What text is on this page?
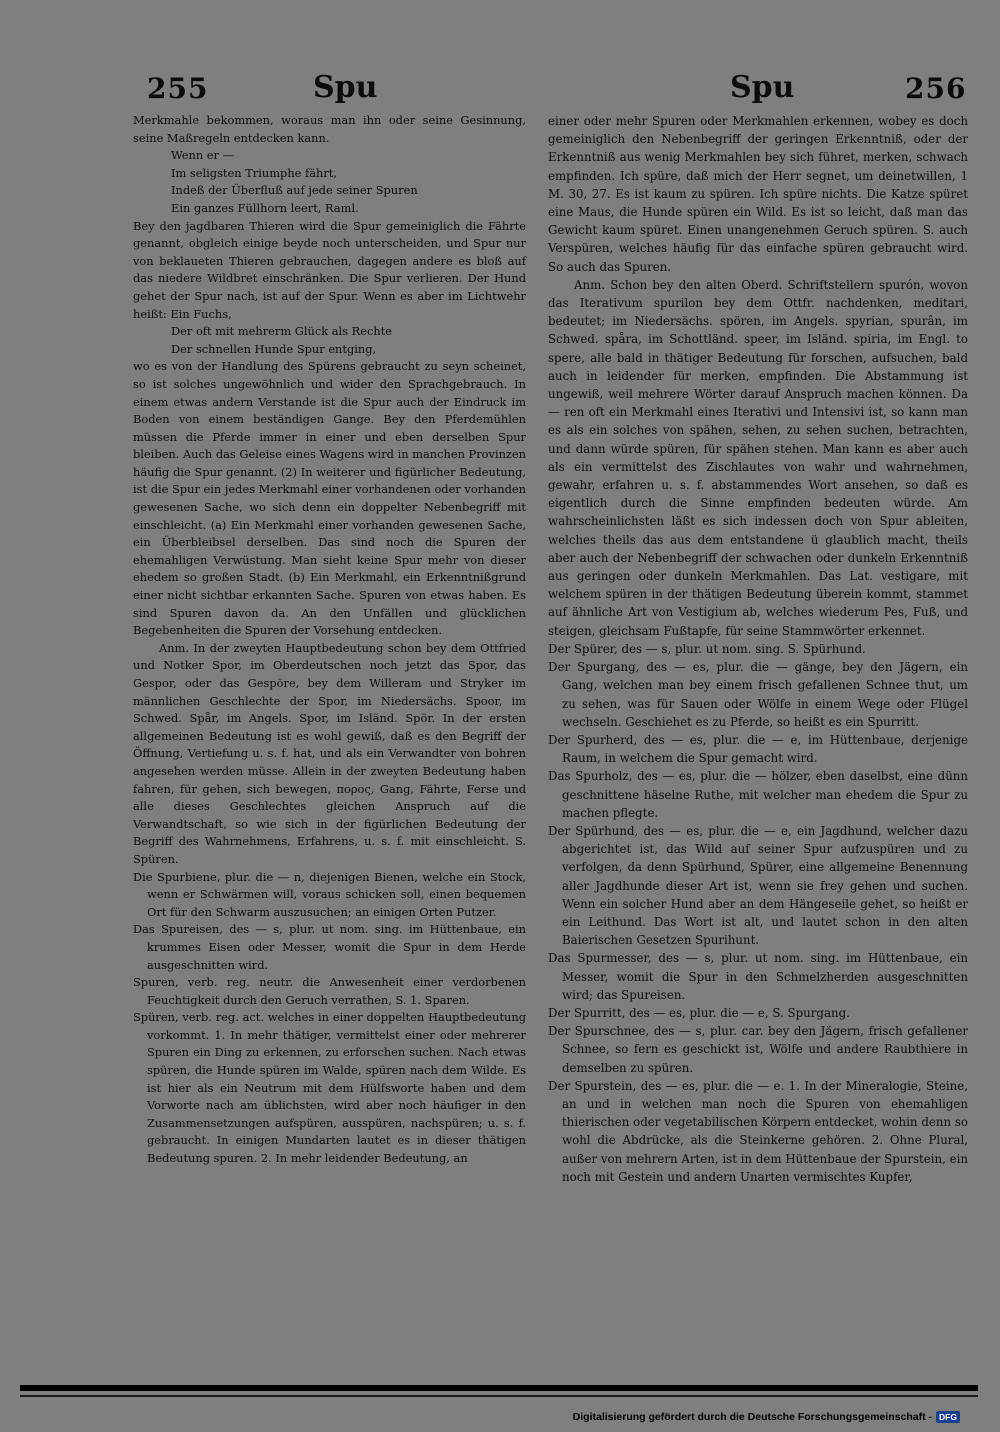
255	Spu	Spu	256

Merkmahle bekommen, woraus man ihn oder seine Gesinnung, seine Maßregeln entdecken kann.

Wenn er —

Im seligsten Triumphe fährt,

Indeß der Überfluß auf jede seiner Spuren

Ein ganzes Füllhorn leert, Raml.

Bey den jagdbaren Thieren wird die Spur gemeiniglich die Fährte genannt, obgleich einige beyde noch unterscheiden, und Spur nur von beklaueten Thieren gebrauchen, dagegen andere es bloß auf das niedere Wildbret einschränken. Die Spur verlieren. Der Hund gehet der Spur nach, ist auf der Spur. Wenn es aber im Lichtwehr heißt: Ein Fuchs,

Der oft mit mehrerm Glück als Rechte

Der schnellen Hunde Spur entging,

wo es von der Handlung des Spürens gebraucht zu seyn scheinet, so ist solches ungewöhnlich und wider den Sprachgebrauch. In einem etwas andern Verstande ist die Spur auch der Eindruck im Boden von einem beständigen Gange. Bey den Pferdemühlen müssen die Pferde immer in einer und eben derselben Spur bleiben. Auch das Geleise eines Wagens wird in manchen Provinzen häufig die Spur genannt. (2) In weiterer und figürlicher Bedeutung, ist die Spur ein jedes Merkmahl einer vorhandenen oder vorhanden gewesenen Sache, wo sich denn ein doppelter Nebenbegriff mit einschleicht. (a) Ein Merkmahl einer vorhanden gewesenen Sache, ein Überbleibsel derselben. Das sind noch die Spuren der ehemahligen Verwüstung. Man sieht keine Spur mehr von dieser ehedem so großen Stadt. (b) Ein Merkmahl, ein Erkenntnißgrund einer nicht sichtbar erkannten Sache. Spuren von etwas haben. Es sind Spuren davon da. An den Unfällen und glücklichen Begebenheiten die Spuren der Vorsehung entdecken.

Anm. In der zweyten Hauptbedeutung schon bey dem Ottfried und Notker Spor, im Oberdeutschen noch jetzt das Spor, das Gespor, oder das Gespöre, bey dem Willeram und Stryker im männlichen Geschlechte der Spor, im Niedersächs. Spoor, im Schwed. Spår, im Angels. Spor, im Isländ. Spör. In der ersten allgemeinen Bedeutung ist es wohl gewiß, daß es den Begriff der Öffnung, Vertiefung u. s. f. hat, und als ein Verwandter von bohren angesehen werden müsse. Allein in der zweyten Bedeutung haben fahren, für gehen, sich bewegen, πορος, Gang, Fährte, Ferse und alle dieses Geschlechtes gleichen Anspruch auf die Verwandtschaft, so wie sich in der figürlichen Bedeutung der Begriff des Wahrnehmens, Erfahrens, u. s. f. mit einschleicht. S. Spüren.

Die Spurbiene, plur. die — n, diejenigen Bienen, welche ein Stock, wenn er Schwärmen will, voraus schicken soll, einen bequemen Ort für den Schwarm auszusuchen; an einigen Orten Putzer.

Das Spureisen, des — s, plur. ut nom. sing. im Hüttenbaue, ein krummes Eisen oder Messer, womit die Spur in dem Herde ausgeschnitten wird.

Spuren, verb. reg. neutr. die Anwesenheit einer verdorbenen Feuchtigkeit durch den Geruch verrathen, S. 1. Sparen.

Spüren, verb. reg. act. welches in einer doppelten Hauptbedeutung vorkommt. 1. In mehr thätiger, vermittelst einer oder mehrerer Spuren ein Ding zu erkennen, zu erforschen suchen. Nach etwas spüren, die Hunde spüren im Walde, spüren nach dem Wilde. Es ist hier als ein Neutrum mit dem Hülfsworte haben und dem Vorworte nach am üblichsten, wird aber noch häufiger in den Zusammensetzungen aufspüren, ausspüren, nachspüren; u. s. f. gebraucht. In einigen Mundarten lautet es in dieser thätigen Bedeutung spuren. 2. In mehr leidender Bedeutung, an

einer oder mehr Spuren oder Merkmahlen erkennen, wobey es doch gemeiniglich den Nebenbegriff der geringen Erkenntniß, oder der Erkenntniß aus wenig Merkmahlen bey sich führet, merken, schwach empfinden. Ich spüre, daß mich der Herr segnet, um deinetwillen, 1 M. 30, 27. Es ist kaum zu spüren. Ich spüre nichts. Die Katze spüret eine Maus, die Hunde spüren ein Wild. Es ist so leicht, daß man das Gewicht kaum spüret. Einen unangenehmen Geruch spüren. S. auch Verspüren, welches häufig für das einfache spüren gebraucht wird. So auch das Spuren.

Anm. Schon bey den alten Oberd. Schriftstellern spurón, wovon das Iterativum spurilon bey dem Ottfr. nachdenken, meditari, bedeutet; im Niedersächs. spören, im Angels. spyrian, spurân, im Schwed. spåra, im Schottländ. speer, im Isländ. spiria, im Engl. to spere, alle bald in thätiger Bedeutung für forschen, aufsuchen, bald auch in leidender für merken, empfinden. Die Abstammung ist ungewiß, weil mehrere Wörter darauf Anspruch machen können. Da — ren oft ein Merkmahl eines Iterativi und Intensivi ist, so kann man es als ein solches von spähen, sehen, zu sehen suchen, betrachten, und dann würde spüren, für spähen stehen. Man kann es aber auch als ein vermittelst des Zischlautes von wahr und wahrnehmen, gewahr, erfahren u. s. f. abstammendes Wort ansehen, so daß es eigentlich durch die Sinne empfinden bedeuten würde. Am wahrscheinlichsten läßt es sich indessen doch von Spur ableiten, welches theils das aus dem entstandene ü glaublich macht, theils aber auch der Nebenbegriff der schwachen oder dunkeln Erkenntniß aus geringen oder dunkeln Merkmahlen. Das Lat. vestigare, mit welchem spüren in der thätigen Bedeutung überein kommt, stammet auf ähnliche Art von Vestigium ab, welches wiederum Pes, Fuß, und steigen, gleichsam Fußtapfe, für seine Stammwörter erkennet.

Der Spürer, des — s, plur. ut nom. sing. S. Spürhund.

Der Spurgang, des — es, plur. die — gänge, bey den Jägern, ein Gang, welchen man bey einem frisch gefallenen Schnee thut, um zu sehen, was für Sauen oder Wölfe in einem Wege oder Flügel wechseln. Geschiehet es zu Pferde, so heißt es ein Spurritt.

Der Spurherd, des — es, plur. die — e, im Hüttenbaue, derjenige Raum, in welchem die Spur gemacht wird.

Das Spurholz, des — es, plur. die — hölzer, eben daselbst, eine dünn geschnittene häselne Ruthe, mit welcher man ehedem die Spur zu machen pflegte.

Der Spürhund, des — es, plur. die — e, ein Jagdhund, welcher dazu abgerichtet ist, das Wild auf seiner Spur aufzuspüren und zu verfolgen, da denn Spürhund, Spürer, eine allgemeine Benennung aller Jagdhunde dieser Art ist, wenn sie frey gehen und suchen. Wenn ein solcher Hund aber an dem Hängeseile gehet, so heißt er ein Leithund. Das Wort ist alt, und lautet schon in den alten Baierischen Gesetzen Spurihunt.

Das Spurmesser, des — s, plur. ut nom. sing. im Hüttenbaue, ein Messer, womit die Spur in den Schmelzherden ausgeschnitten wird; das Spureisen.

Der Spurritt, des — es, plur. die — e, S. Spurgang.

Der Spurschnee, des — s, plur. car. bey den Jägern, frisch gefallener Schnee, so fern es geschickt ist, Wölfe und andere Raubthiere in demselben zu spüren.

Der Spurstein, des — es, plur. die — e. 1. In der Mineralogie, Steine, an und in welchen man noch die Spuren von ehemahligen thierischen oder vegetabilischen Körpern entdecket, wohin denn so wohl die Abdrücke, als die Steinkerne gehören. 2. Ohne Plural, außer von mehrern Arten, ist in dem Hüttenbaue der Spurstein, ein noch mit Gestein und andern Unarten vermischtes Kupfer,

Digitalisierung gefördert durch die Deutsche Forschungsgemeinschaft - DFG
